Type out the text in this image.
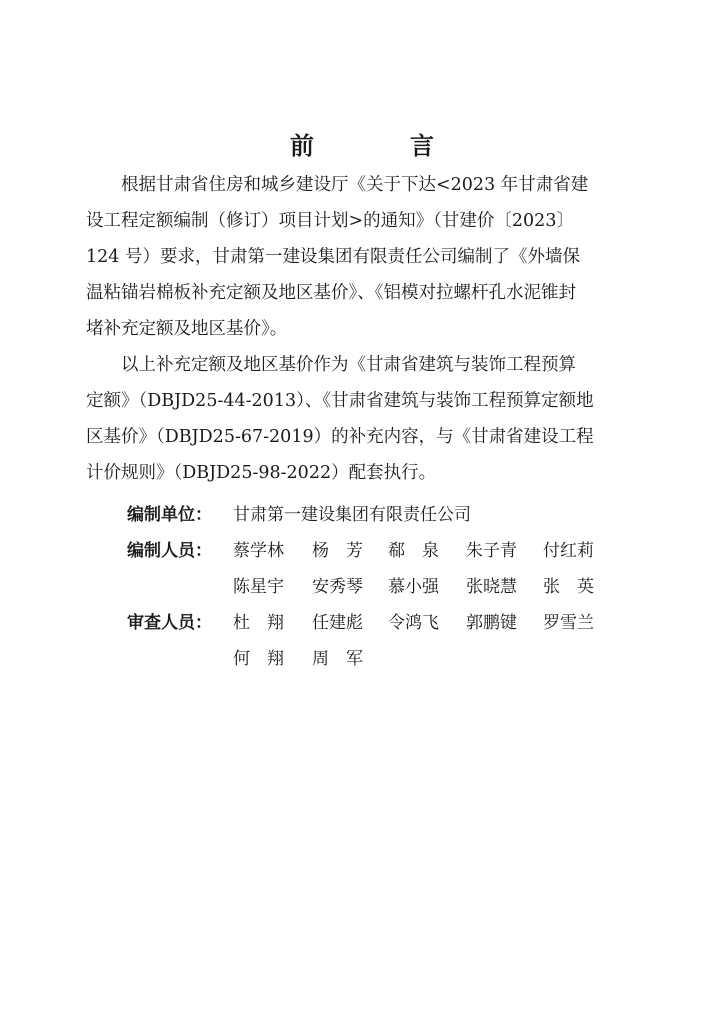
前　言
　　根据甘肃省住房和城乡建设厅《关于下达<2023 年甘肃省建
设工程定额编制（修订）项目计划>的通知》（甘建价〔2023〕
124 号）要求，甘肃第一建设集团有限责任公司编制了《外墙保
温粘锚岩棉板补充定额及地区基价》、《铝模对拉螺杆孔水泥锥封
堵补充定额及地区基价》。
　　以上补充定额及地区基价作为《甘肃省建筑与装饰工程预算
定额》（DBJD25-44-2013）、《甘肃省建筑与装饰工程预算定额地
区基价》（DBJD25-67-2019）的补充内容，与《甘肃省建设工程
计价规则》（DBJD25-98-2022）配套执行。
编制单位： 甘肃第一建设集团有限责任公司
编制人员： 蔡学林 杨　芳 郗　泉 朱子青 付红莉
陈星宇 安秀琴 慕小强 张晓慧 张　英
审查人员： 杜　翔 任建彪 令鸿飞 郭鹏键 罗雪兰
何　翔 周　军
